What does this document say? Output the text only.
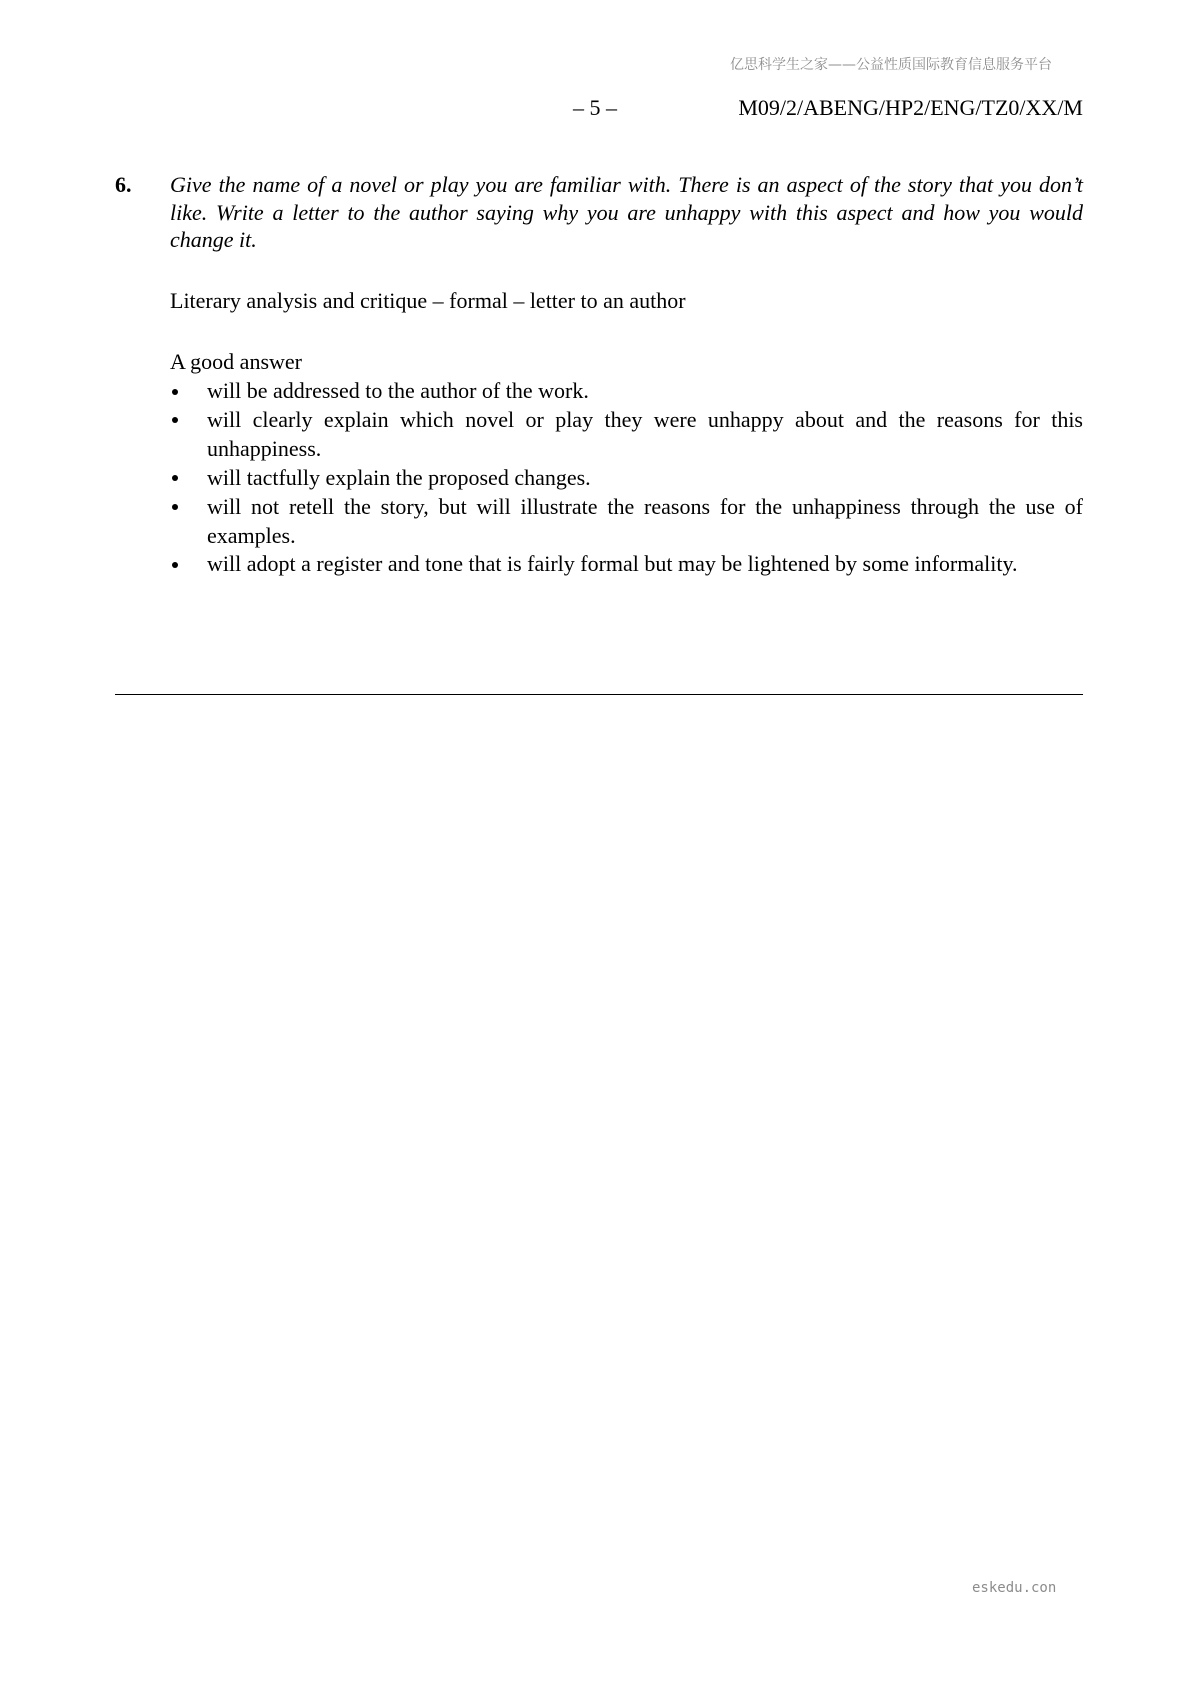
亿思科学生之家——公益性质国际教育信息服务平台
– 5 –	M09/2/ABENG/HP2/ENG/TZ0/XX/M
6. Give the name of a novel or play you are familiar with. There is an aspect of the story that you don’t like. Write a letter to the author saying why you are unhappy with this aspect and how you would change it.
Literary analysis and critique – formal – letter to an author
A good answer
will be addressed to the author of the work.
will clearly explain which novel or play they were unhappy about and the reasons for this unhappiness.
will tactfully explain the proposed changes.
will not retell the story, but will illustrate the reasons for the unhappiness through the use of examples.
will adopt a register and tone that is fairly formal but may be lightened by some informality.
eskedu.con
